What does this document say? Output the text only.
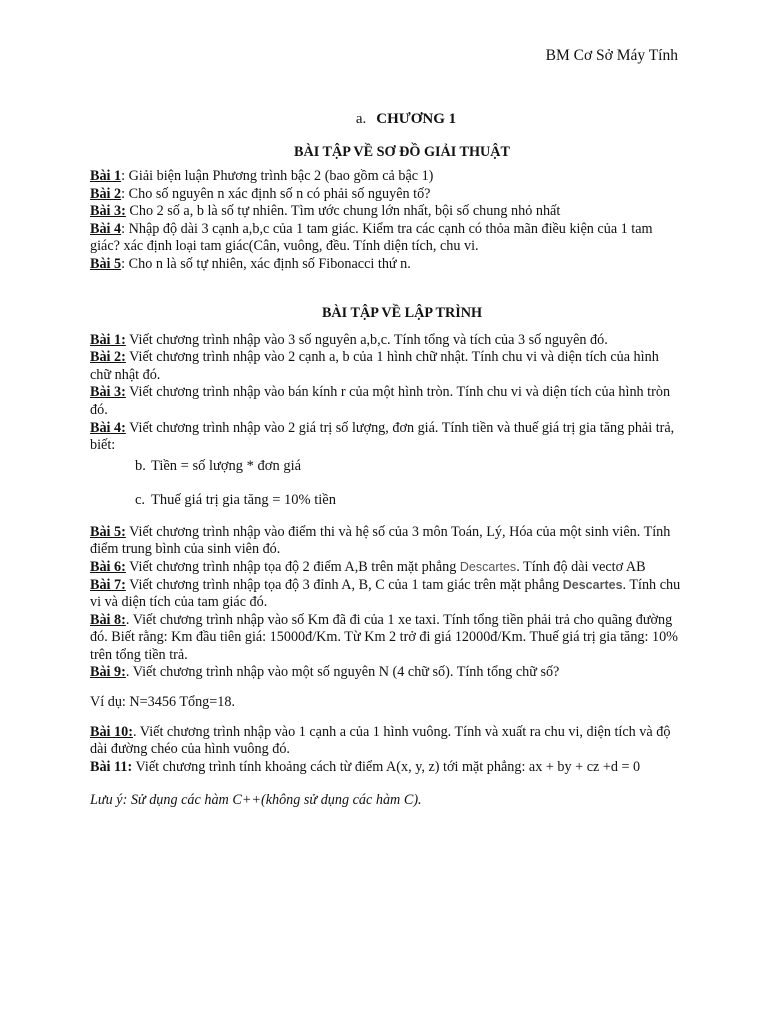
BM Cơ Sở Máy Tính
a. CHƯƠNG 1
BÀI TẬP VỀ SƠ ĐỒ GIẢI THUẬT

Bài 1: Giải biện luận Phương trình bậc 2 (bao gồm cả bậc 1)

Bài 2: Cho số nguyên n xác định số n có phải số nguyên tố?

Bài 3: Cho 2 số a, b là số tự nhiên. Tìm ước chung lớn nhất, bội số chung nhỏ nhất

Bài 4: Nhập độ dài 3 cạnh a,b,c của 1 tam giác. Kiểm tra các cạnh có thỏa mãn điều kiện của 1 tam giác? xác định loại tam giác(Cân, vuông, đều. Tính diện tích, chu vi.

Bài 5: Cho n là số tự nhiên, xác định số Fibonacci thứ n.

BÀI TẬP VỀ LẬP TRÌNH

Bài 1: Viết chương trình nhập vào 3 số nguyên a,b,c. Tính tổng và tích của 3 số nguyên đó.

Bài 2: Viết chương trình nhập vào 2 cạnh a, b của 1 hình chữ nhật. Tính chu vi và diện tích của hình chữ nhật đó.

Bài 3: Viết chương trình nhập vào bán kính r của một hình tròn. Tính chu vi và diện tích của hình tròn đó.

Bài 4: Viết chương trình nhập vào 2 giá trị số lượng, đơn giá. Tính tiền và thuế giá trị gia tăng phải trả, biết:

b. Tiền = số lượng * đơn giá

c. Thuế giá trị gia tăng = 10% tiền

Bài 5: Viết chương trình nhập vào điểm thi và hệ số của 3 môn Toán, Lý, Hóa của một sinh viên. Tính điểm trung bình của sinh viên đó.

Bài 6: Viết chương trình nhập tọa độ 2 điểm A,B trên mặt phẳng Descartes. Tính độ dài vectơ AB

Bài 7: Viết chương trình nhập tọa độ 3 đỉnh A, B, C của 1 tam giác trên mặt phẳng Descartes. Tính chu vi và diện tích của tam giác đó.

Bài 8:. Viết chương trình nhập vào số Km đã đi của 1 xe taxi. Tính tổng tiền phải trả cho quãng đường đó. Biết rằng: Km đầu tiên giá: 15000đ/Km. Từ Km 2 trở đi giá 12000đ/Km. Thuế giá trị gia tăng: 10% trên tổng tiền trả.

Bài 9:. Viết chương trình nhập vào một số nguyên N (4 chữ số). Tính tổng chữ số?

Ví dụ: N=3456 Tổng=18.

Bài 10:. Viết chương trình nhập vào 1 cạnh a của 1 hình vuông. Tính và xuất ra chu vi, diện tích và độ dài đường chéo của hình vuông đó.

Bài 11: Viết chương trình tính khoảng cách từ điểm A(x, y, z) tới mặt phẳng: ax + by + cz +d = 0

Lưu ý: Sử dụng các hàm C++(không sử dụng các hàm C).
